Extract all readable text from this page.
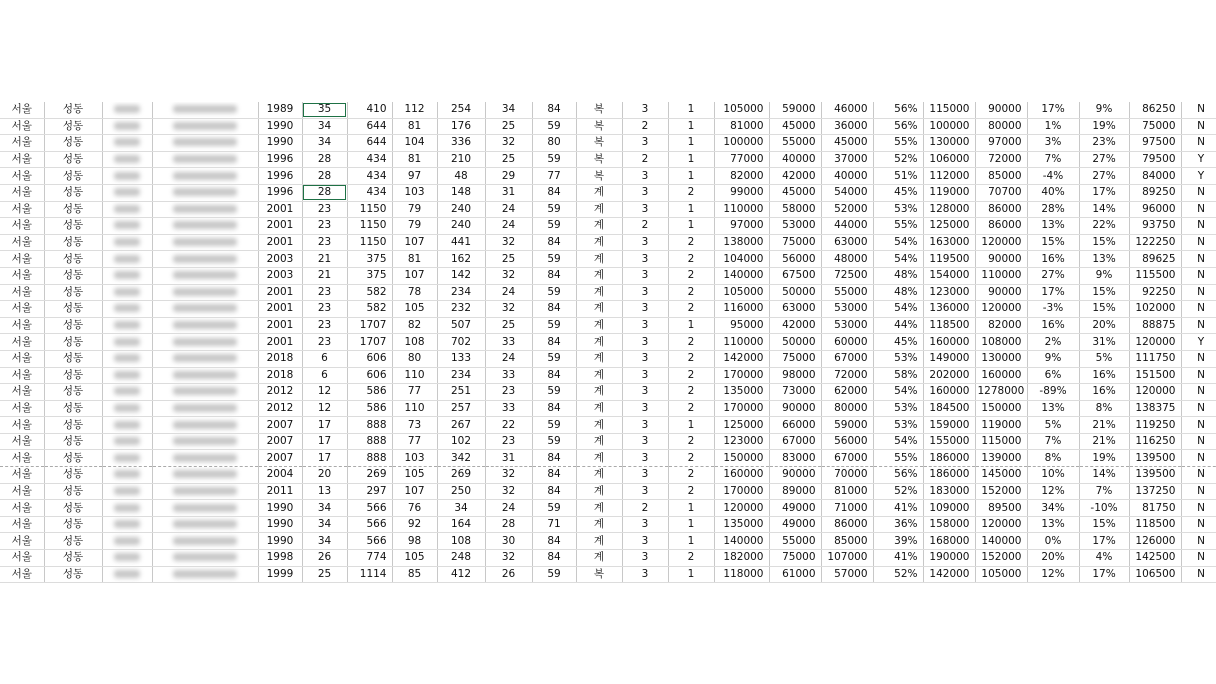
서울	성동			1989	35	410	112	254	34	84	복	3	1	105000	59000	46000	56%	115000	90000	17%	9%	86250	N
서울	성동			1990	34	644	81	176	25	59	복	2	1	81000	45000	36000	56%	100000	80000	1%	19%	75000	N
서울	성동			1990	34	644	104	336	32	80	복	3	1	100000	55000	45000	55%	130000	97000	3%	23%	97500	N
서울	성동			1996	28	434	81	210	25	59	복	2	1	77000	40000	37000	52%	106000	72000	7%	27%	79500	Y
서울	성동			1996	28	434	97	48	29	77	복	3	1	82000	42000	40000	51%	112000	85000	-4%	27%	84000	Y
서울	성동			1996	28	434	103	148	31	84	계	3	2	99000	45000	54000	45%	119000	70700	40%	17%	89250	N
서울	성동			2001	23	1150	79	240	24	59	계	3	1	110000	58000	52000	53%	128000	86000	28%	14%	96000	N
서울	성동			2001	23	1150	79	240	24	59	계	2	1	97000	53000	44000	55%	125000	86000	13%	22%	93750	N
서울	성동			2001	23	1150	107	441	32	84	계	3	2	138000	75000	63000	54%	163000	120000	15%	15%	122250	N
서울	성동			2003	21	375	81	162	25	59	계	3	2	104000	56000	48000	54%	119500	90000	16%	13%	89625	N
서울	성동			2003	21	375	107	142	32	84	계	3	2	140000	67500	72500	48%	154000	110000	27%	9%	115500	N
서울	성동			2001	23	582	78	234	24	59	계	3	2	105000	50000	55000	48%	123000	90000	17%	15%	92250	N
서울	성동			2001	23	582	105	232	32	84	계	3	2	116000	63000	53000	54%	136000	120000	-3%	15%	102000	N
서울	성동			2001	23	1707	82	507	25	59	계	3	1	95000	42000	53000	44%	118500	82000	16%	20%	88875	N
서울	성동			2001	23	1707	108	702	33	84	계	3	2	110000	50000	60000	45%	160000	108000	2%	31%	120000	Y
서울	성동			2018	6	606	80	133	24	59	계	3	2	142000	75000	67000	53%	149000	130000	9%	5%	111750	N
서울	성동			2018	6	606	110	234	33	84	계	3	2	170000	98000	72000	58%	202000	160000	6%	16%	151500	N
서울	성동			2012	12	586	77	251	23	59	계	3	2	135000	73000	62000	54%	160000	1278000	-89%	16%	120000	N
서울	성동			2012	12	586	110	257	33	84	계	3	2	170000	90000	80000	53%	184500	150000	13%	8%	138375	N
서울	성동			2007	17	888	73	267	22	59	계	3	1	125000	66000	59000	53%	159000	119000	5%	21%	119250	N
서울	성동			2007	17	888	77	102	23	59	계	3	2	123000	67000	56000	54%	155000	115000	7%	21%	116250	N
서울	성동			2007	17	888	103	342	31	84	계	3	2	150000	83000	67000	55%	186000	139000	8%	19%	139500	N
서울	성동			2004	20	269	105	269	32	84	계	3	2	160000	90000	70000	56%	186000	145000	10%	14%	139500	N
서울	성동			2011	13	297	107	250	32	84	계	3	2	170000	89000	81000	52%	183000	152000	12%	7%	137250	N
서울	성동			1990	34	566	76	34	24	59	계	2	1	120000	49000	71000	41%	109000	89500	34%	-10%	81750	N
서울	성동			1990	34	566	92	164	28	71	계	3	1	135000	49000	86000	36%	158000	120000	13%	15%	118500	N
서울	성동			1990	34	566	98	108	30	84	계	3	1	140000	55000	85000	39%	168000	140000	0%	17%	126000	N
서울	성동			1998	26	774	105	248	32	84	계	3	2	182000	75000	107000	41%	190000	152000	20%	4%	142500	N
서울	성동			1999	25	1114	85	412	26	59	복	3	1	118000	61000	57000	52%	142000	105000	12%	17%	106500	N
